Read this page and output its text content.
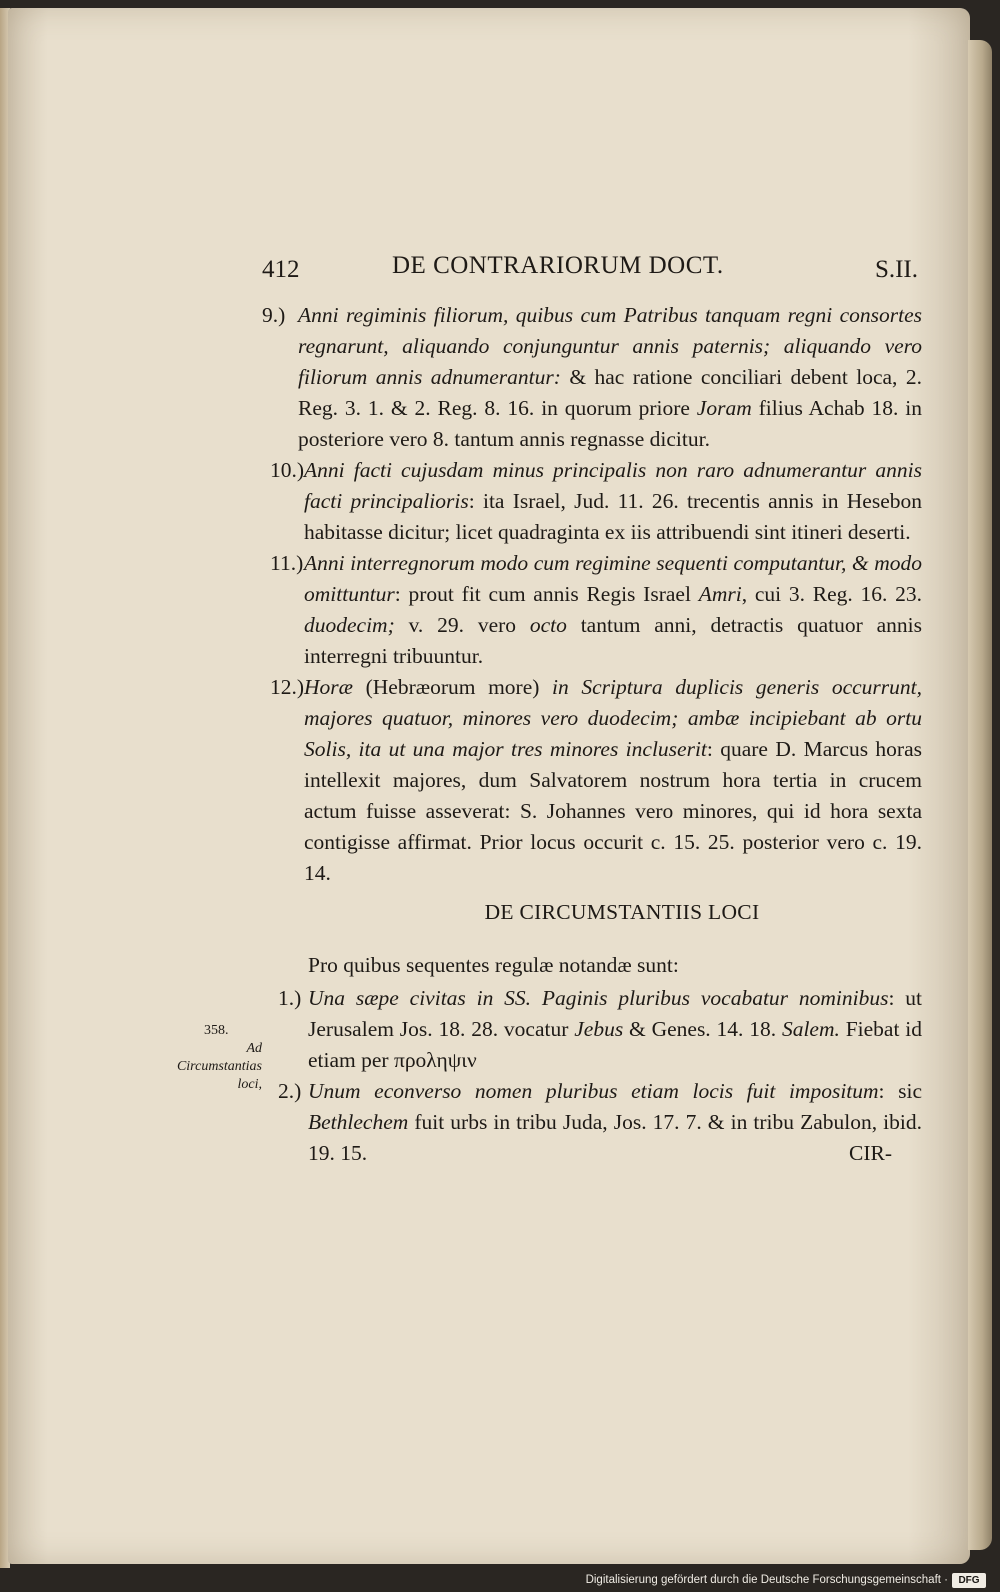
412	DE CONTRARIORUM DOCT.	S.II.

9.) Anni regiminis filiorum, quibus cum Patribus tanquam regni consortes regnarunt, aliquando conjunguntur annis paternis; aliquando vero filiorum annis adnumerantur: & hac ratione conciliari debent loca, 2. Reg. 3. 1. & 2. Reg. 8. 16. in quorum priore Joram filius Achab 18. in posteriore vero 8. tantum annis regnasse dicitur.

10.) Anni facti cujusdam minus principalis non raro adnumerantur annis facti principalioris: ita Israel, Jud. 11. 26. trecentis annis in Hesebon habitasse dicitur; licet quadraginta ex iis attribuendi sint itineri deserti.

11.) Anni interregnorum modo cum regimine sequenti computantur, & modo omittuntur: prout fit cum annis Regis Israel Amri, cui 3. Reg. 16. 23. duodecim; v. 29. vero octo tantum anni, detractis quatuor annis interregni tribuuntur.

12.) Horæ (Hebræorum more) in Scriptura duplicis generis occurrunt, majores quatuor, minores vero duodecim; ambæ incipiebant ab ortu Solis, ita ut una major tres minores incluserit: quare D. Marcus horas intellexit majores, dum Salvatorem nostrum hora tertia in crucem actum fuisse asseverat: S. Johannes vero minores, qui id hora sexta contigisse affirmat. Prior locus occurit c. 15. 25. posterior vero c. 19. 14.

DE CIRCUMSTANTIIS LOCI

Pro quibus sequentes regulæ notandæ sunt:

1.) Una sæpe civitas in SS. Paginis pluribus vocabatur nominibus: ut Jerusalem Jos. 18. 28. vocatur Jebus & Genes. 14. 18. Salem. Fiebat id etiam per προληψιν

2.) Unum econverso nomen pluribus etiam locis fuit impositum: sic Bethlechem fuit urbs in tribu Juda, Jos. 17. 7. & in tribu Zabulon, ibid. 19. 15.	CIR-

358.
Ad Circumstantias loci,
Digitalisierung gefördert durch die Deutsche Forschungsgemeinschaft ·	DFG
